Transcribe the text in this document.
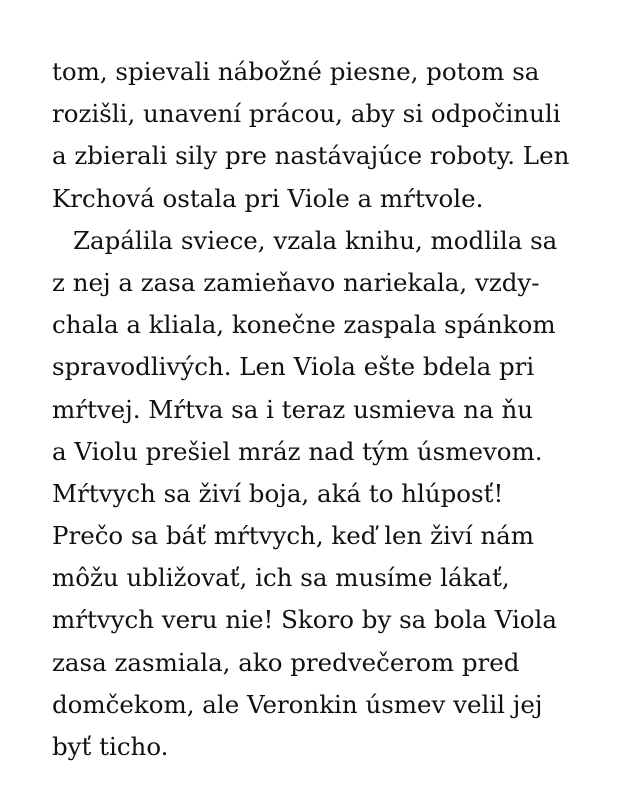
tom, spievali nábožné piesne, potom sa
rozišli, unavení prácou, aby si odpočinuli
a zbierali sily pre nastávajúce roboty. Len
Krchová ostala pri Viole a mŕtvole.
Zapálila sviece, vzala knihu, modlila sa
z nej a zasa zamieňavo nariekala, vzdy-
chala a kliala, konečne zaspala spánkom
spravodlivých. Len Viola ešte bdela pri
mŕtvej. Mŕtva sa i teraz usmieva na ňu
a Violu prešiel mráz nad tým úsmevom.
Mŕtvych sa živí boja, aká to hlúposť!
Prečo sa báť mŕtvych, keď len živí nám
môžu ubližovať, ich sa musíme lákať,
mŕtvych veru nie! Skoro by sa bola Viola
zasa zasmiala, ako predvečerom pred
domčekom, ale Veronkin úsmev velil jej
byť ticho.
